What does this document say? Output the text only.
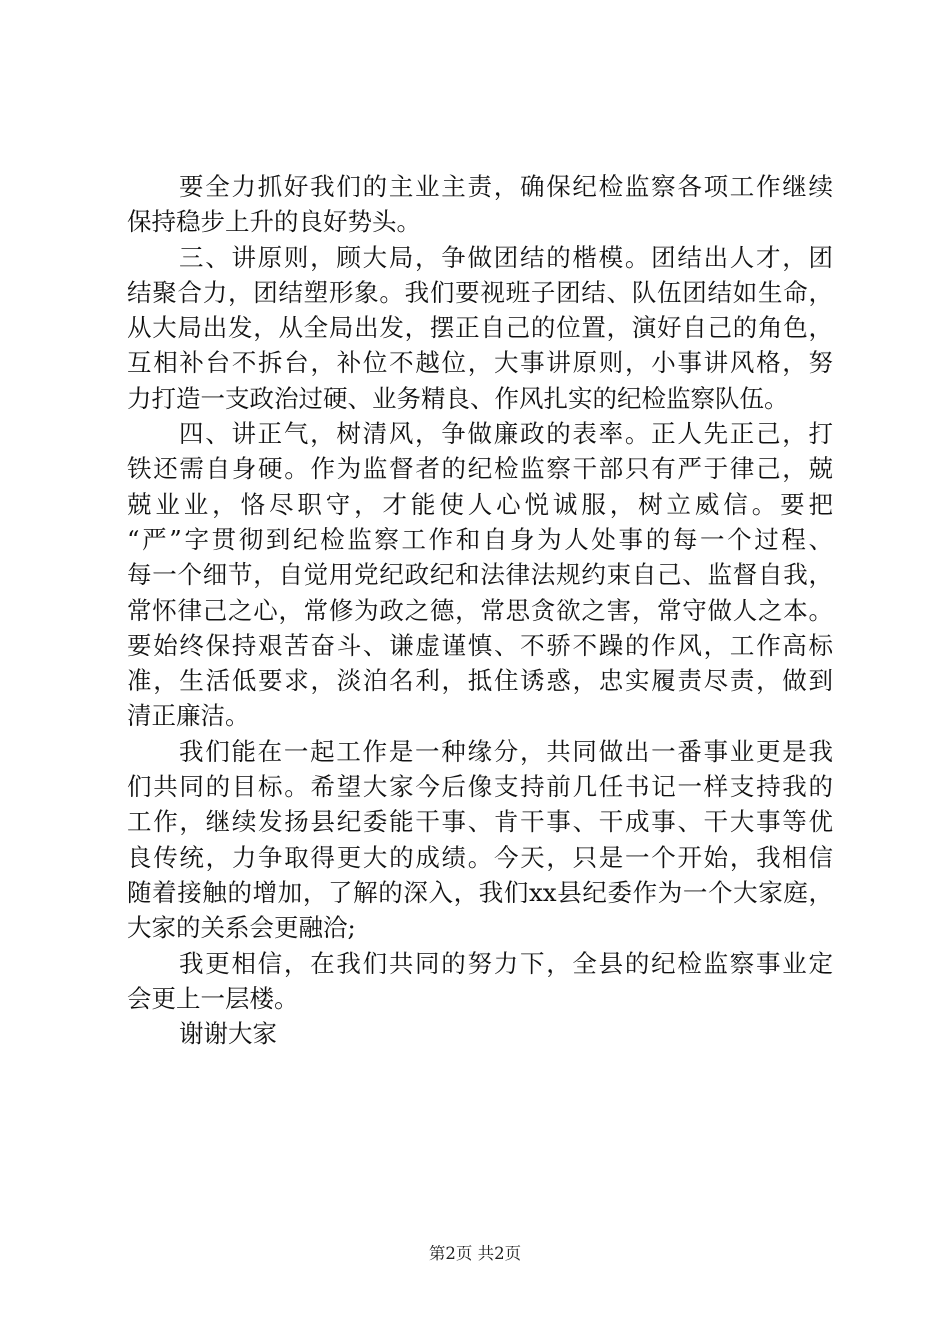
要全力抓好我们的主业主责，确保纪检监察各项工作继续
保持稳步上升的良好势头。
三、讲原则，顾大局，争做团结的楷模。团结出人才，团
结聚合力，团结塑形象。我们要视班子团结、队伍团结如生命，
从大局出发，从全局出发，摆正自己的位置，演好自己的角色，
互相补台不拆台，补位不越位，大事讲原则，小事讲风格，努
力打造一支政治过硬、业务精良、作风扎实的纪检监察队伍。
四、讲正气，树清风，争做廉政的表率。正人先正己，打
铁还需自身硬。作为监督者的纪检监察干部只有严于律己，兢
兢业业，恪尽职守，才能使人心悦诚服，树立威信。要把
“严”字贯彻到纪检监察工作和自身为人处事的每一个过程、
每一个细节，自觉用党纪政纪和法律法规约束自己、监督自我，
常怀律己之心，常修为政之德，常思贪欲之害，常守做人之本。
要始终保持艰苦奋斗、谦虚谨慎、不骄不躁的作风，工作高标
准，生活低要求，淡泊名利，抵住诱惑，忠实履责尽责，做到
清正廉洁。
我们能在一起工作是一种缘分，共同做出一番事业更是我
们共同的目标。希望大家今后像支持前几任书记一样支持我的
工作，继续发扬县纪委能干事、肯干事、干成事、干大事等优
良传统，力争取得更大的成绩。今天，只是一个开始，我相信
随着接触的增加，了解的深入，我们xx县纪委作为一个大家庭，
大家的关系会更融洽;
我更相信，在我们共同的努力下，全县的纪检监察事业定
会更上一层楼。
谢谢大家
第2页 共2页
